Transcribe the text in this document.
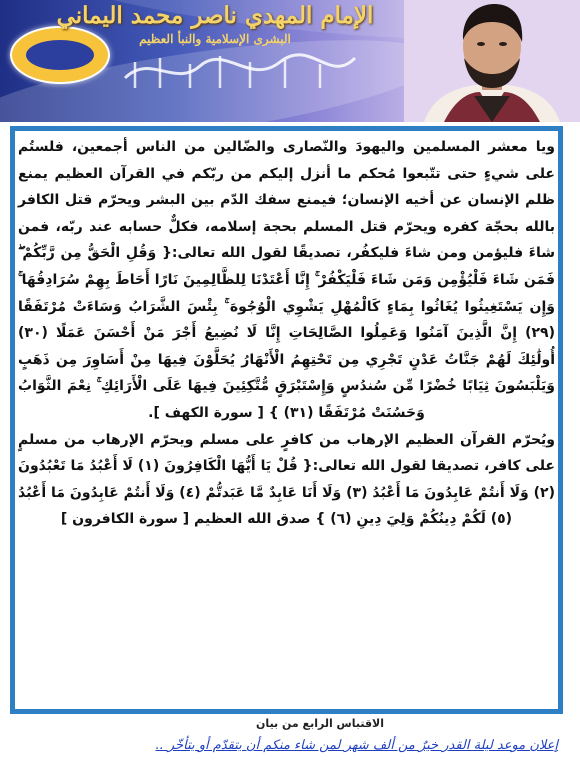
الإمام المهدي ناصر محمد اليماني
البشرى الإسلامية والنبأ العظيم

ويا معشر المسلمين واليهودَ والنّصارى والضّالين من الناس أجمعين، فلستُم على شيءٍ حتى تتّبعوا مُحكم ما أنزل إليكم من ربّكم في القرآن العظيم يمنع ظلم الإنسان عن أخيه الإنسان؛ فيمنع سفك الدّم بين البشر ويحرّم قتل الكافر بالله بحجّة كفره ويحرّم قتل المسلم بحجة إسلامه، فكلٌّ حسابه عند ربّه، فمن شاءَ فليؤمن ومن شاءَ فليكفُر، تصديقًا لقول الله تعالى:{ وَقُلِ الْحَقُّ مِن رَّبِّكُمْ ۖ فَمَن شَاءَ فَلْيُؤْمِن وَمَن شَاءَ فَلْيَكْفُرْ ۚ إِنَّا أَعْتَدْنَا لِلظَّالِمِينَ نَارًا أَحَاطَ بِهِمْ سُرَادِقُهَا ۚ وَإِن يَسْتَغِيثُوا يُغَاثُوا بِمَاءٍ كَالْمُهْلِ يَشْوِي الْوُجُوهَ ۚ بِئْسَ الشَّرَابُ وَسَاءَتْ مُرْتَفَقًا (٢٩) إِنَّ الَّذِينَ آمَنُوا وَعَمِلُوا الصَّالِحَاتِ إِنَّا لَا نُضِيعُ أَجْرَ مَنْ أَحْسَنَ عَمَلًا (٣٠) أُولَٰئِكَ لَهُمْ جَنَّاتُ عَدْنٍ تَجْرِي مِن تَحْتِهِمُ الْأَنْهَارُ يُحَلَّوْنَ فِيهَا مِنْ أَسَاوِرَ مِن ذَهَبٍ وَيَلْبَسُونَ ثِيَابًا خُضْرًا مِّن سُندُسٍ وَإِسْتَبْرَقٍ مُّتَّكِئِينَ فِيهَا عَلَى الْأَرَائِكِ ۚ نِعْمَ الثَّوَابُ وَحَسُنَتْ مُرْتَفَقًا (٣١) } [ سورة الكهف ].

ويُحرّم القرآن العظيم الإرهاب من كافرٍ على مسلم ويحرّم الإرهاب من مسلمٍ على كافر، تصديقا لقول الله تعالى:{ قُلْ يَا أَيُّهَا الْكَافِرُونَ (١) لَا أَعْبُدُ مَا تَعْبُدُونَ (٢) وَلَا أَنتُمْ عَابِدُونَ مَا أَعْبُدُ (٣) وَلَا أَنَا عَابِدٌ مَّا عَبَدتُّمْ (٤) وَلَا أَنتُمْ عَابِدُونَ مَا أَعْبُدُ (٥) لَكُمْ دِينُكُمْ وَلِيَ دِينِ (٦) } صدق الله العظيم [ سورة الكافرون ]

الاقتباس الرابع من بيان
إعلان موعد ليلة القدر خيرٌ من ألف شهر لمن شاء منكم أن يتقدّم أو يتأخّر ..
